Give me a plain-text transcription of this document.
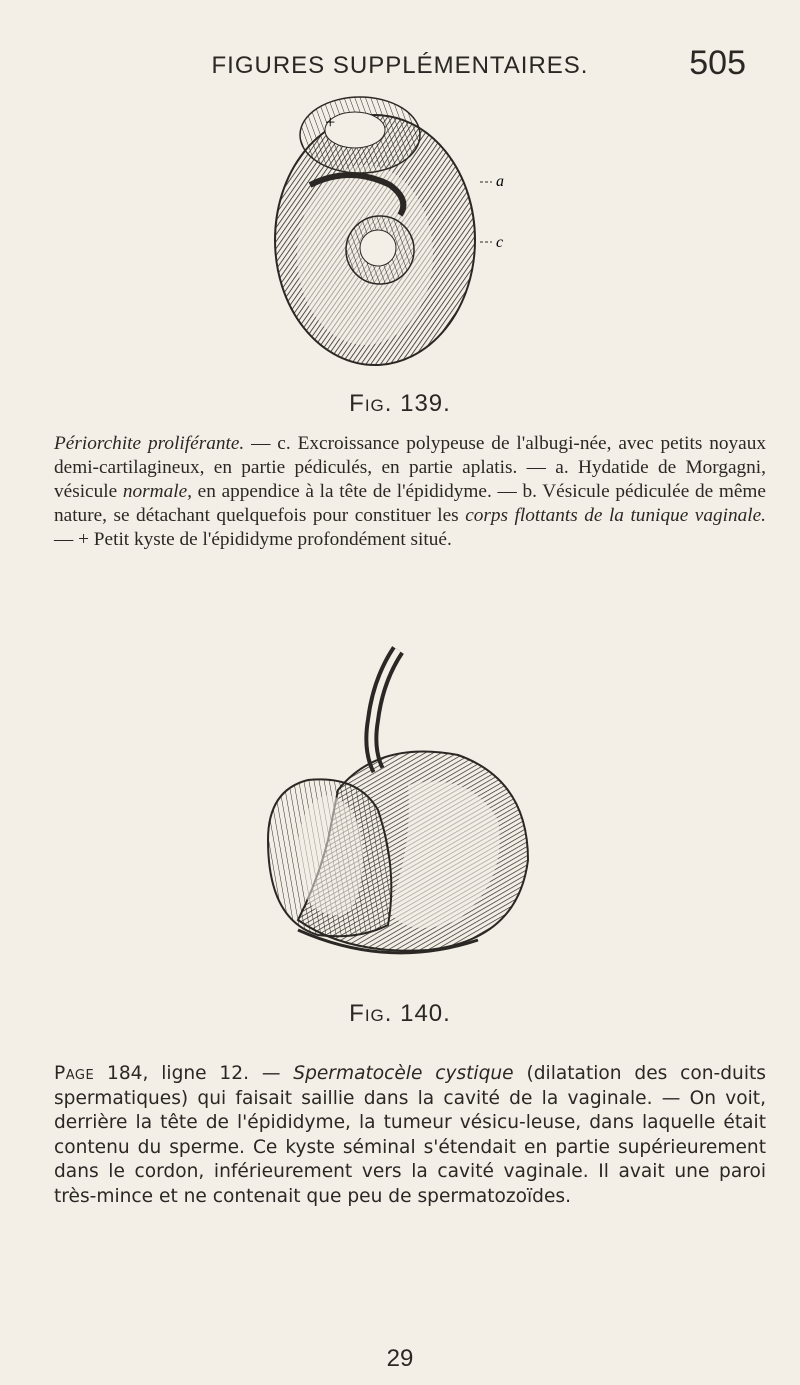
FIGURES SUPPLÉMENTAIRES.	505
a
c
+
Fig. 139.
Périorchite proliférante. — c. Excroissance polypeuse de l'albugi-née, avec petits noyaux demi-cartilagineux, en partie pédiculés, en partie aplatis. — a. Hydatide de Morgagni, vésicule normale, en appendice à la tête de l'épididyme. — b. Vésicule pédiculée de même nature, se détachant quelquefois pour constituer les corps flottants de la tunique vaginale. — + Petit kyste de l'épididyme profondément situé.
Fig. 140.
Page 184, ligne 12. — Spermatocèle cystique (dilatation des con-duits spermatiques) qui faisait saillie dans la cavité de la vaginale. — On voit, derrière la tête de l'épididyme, la tumeur vésicu-leuse, dans laquelle était contenu du sperme. Ce kyste séminal s'étendait en partie supérieurement dans le cordon, inférieurement vers la cavité vaginale. Il avait une paroi très-mince et ne contenait que peu de spermatozoïdes.
29
